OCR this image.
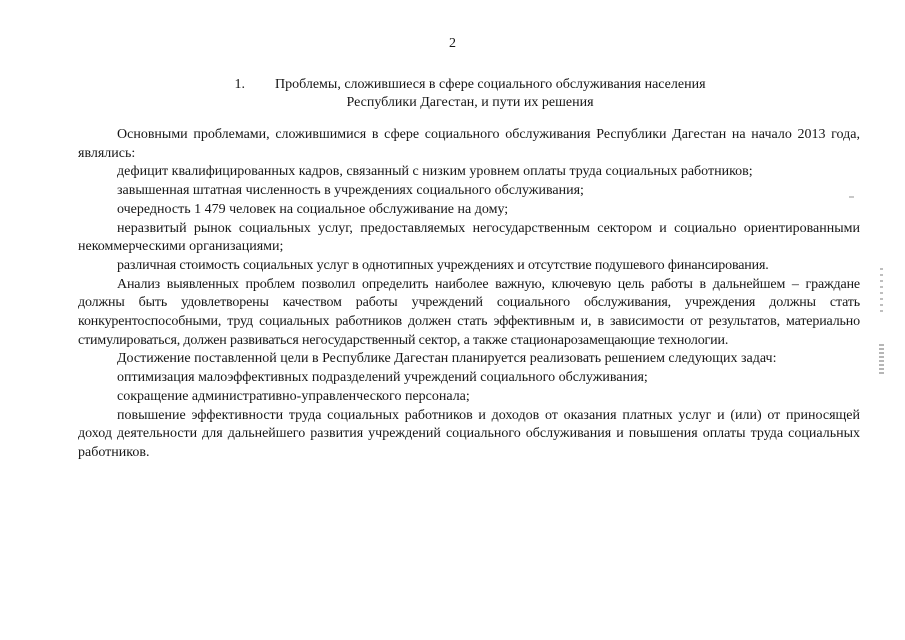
2
1. Проблемы, сложившиеся в сфере социального обслуживания населения
Республики Дагестан, и пути их решения

Основными проблемами, сложившимися в сфере социального обслуживания Республики Дагестан на начало 2013 года, являлись:

дефицит квалифицированных кадров, связанный с низким уровнем оплаты труда социальных работников;

завышенная штатная численность в учреждениях социального обслуживания;

очередность 1 479 человек на социальное обслуживание на дому;

неразвитый рынок социальных услуг, предоставляемых негосударственным сектором и социально ориентированными некоммерческими организациями;

различная стоимость социальных услуг в однотипных учреждениях и отсутствие подушевого финансирования.

Анализ выявленных проблем позволил определить наиболее важную, ключевую цель работы в дальнейшем – граждане должны быть удовлетворены качеством работы учреждений социального обслуживания, учреждения должны стать конкурентоспособными, труд социальных работников должен стать эффективным и, в зависимости от результатов, материально стимулироваться, должен развиваться негосударственный сектор, а также стационарозамещающие технологии.

Достижение поставленной цели в Республике Дагестан планируется реализовать решением следующих задач:

оптимизация малоэффективных подразделений учреждений социального обслуживания;

сокращение административно-управленческого персонала;

повышение эффективности труда социальных работников и доходов от оказания платных услуг и (или) от приносящей доход деятельности для дальнейшего развития учреждений социального обслуживания и повышения оплаты труда социальных работников.
